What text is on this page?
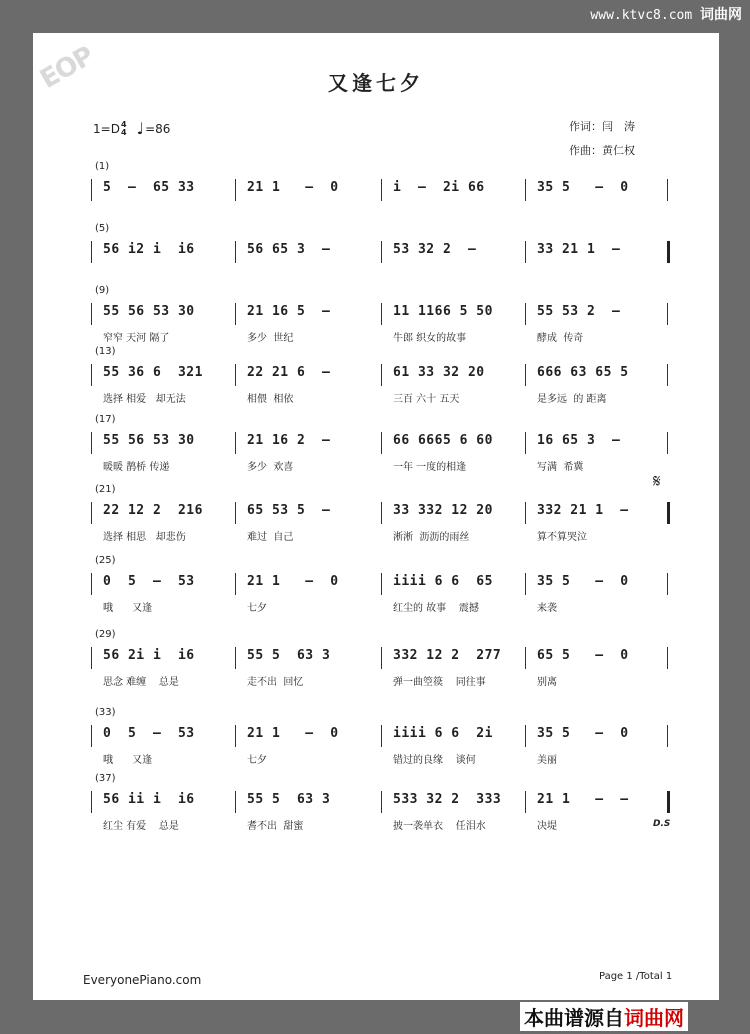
www.ktvc8.com 词曲网
EOP	又逢七夕
1=D 4
4 ♩ =86	作词：闫　涛
作曲：黄仁权
(1)
5  –  65 33	21 1   –  0	i  –  2i 66	35 5   –  0
(5)
56 i2 i  i6	56 65 3  –	53 32 2  –	33 21 1  –
(9)
55 56 53 30
窄窄 天河 隔了
21 16 5  –
多少  世纪
11 1166 5 50
牛郎 织女的故事
55 53 2  –
酵成  传奇
(13)
55 36 6  321
选择 相爱   却无法
22 21 6  –
相偎  相依
61 33 32 20
三百 六十 五天
666 63 65 5
是多远  的 距离
(17)
55 56 53 30
暖暖 鹊桥 传递
21 16 2  –
多少  欢喜
66 6665 6 60
一年 一度的相逢
16 65 3  –
写满  希冀
(21)
22 12 2  216
选择 相思   却悲伤
65 53 5  –
难过  自己
33 332 12 20
淅淅  沥沥的雨丝
332 21 1  –
算不算哭泣
(25)
0  5  –  53
哦      又逢
21 1   –  0
七夕
iiii 6 6  65
红尘的 故事    震撼
35 5   –  0
来袭
(29)
56 2i i  i6
思念 难缠    总是
55 5  63 3
走不出  回忆
332 12 2  277
弹一曲箜篌    同往事
65 5   –  0
别离
(33)
0  5  –  53
哦      又逢
21 1   –  0
七夕
iiii 6 6  2i
错过的良缘    谈何
35 5   –  0
美丽
(37)
56 ii i  i6
红尘 有爱    总是
55 5  63 3
耆不出  甜蜜
533 32 2  333
披一袭单衣    任泪水
21 1   –  –
决堤
𝄋
D.S
EveryonePiano.com	Page 1 /Total 1
本曲谱源自词曲网
